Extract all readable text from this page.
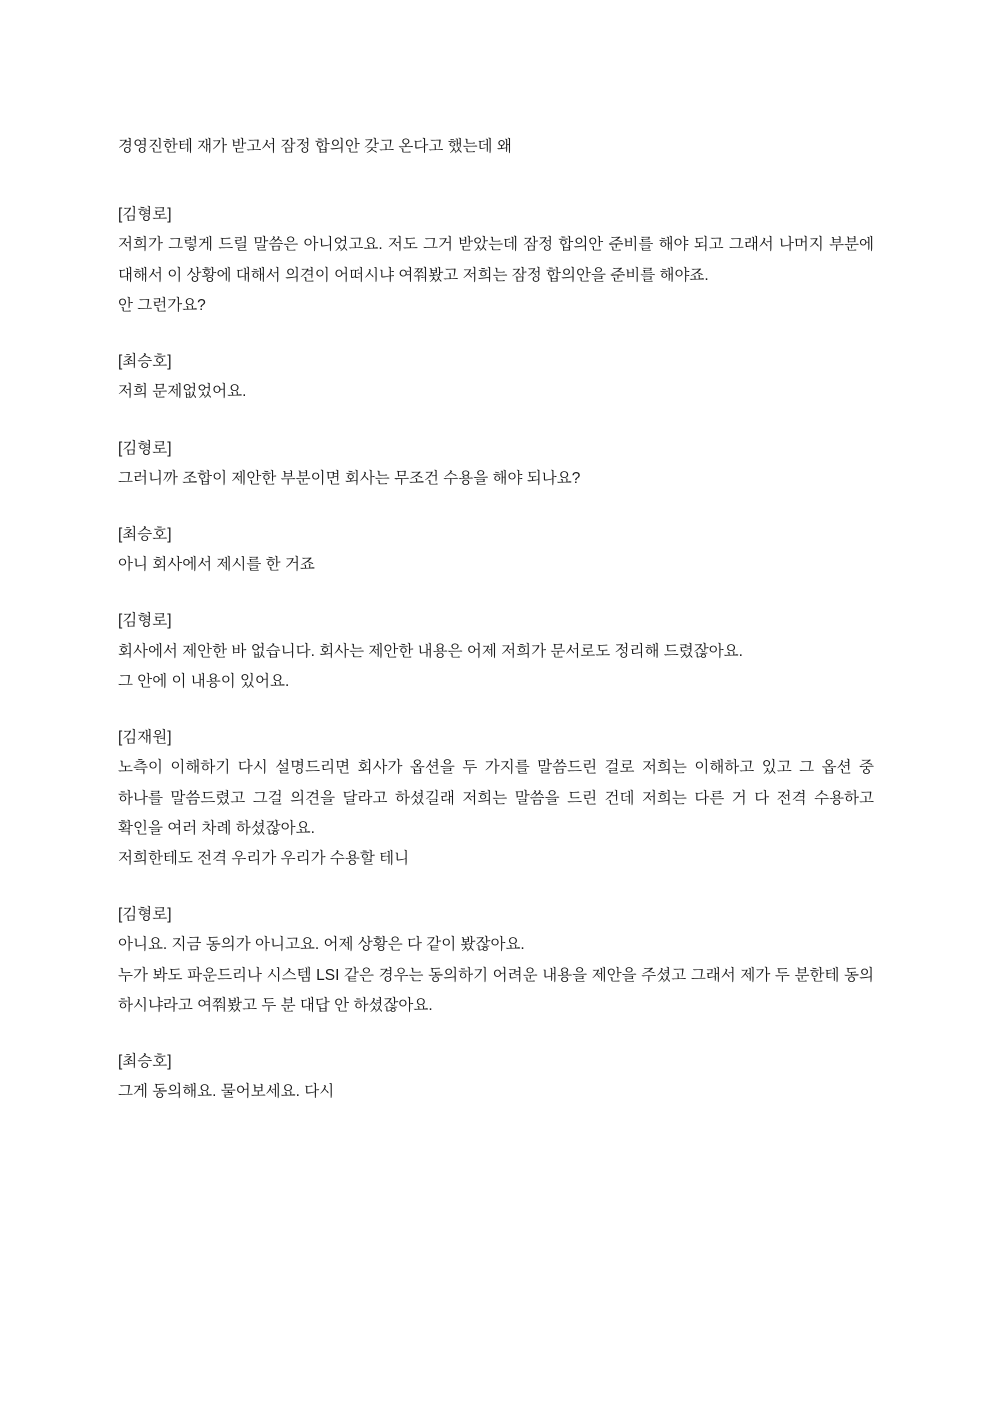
경영진한테 재가 받고서 잠정 합의안 갖고 온다고 했는데 왜

[김형로]

저희가 그렇게 드릴 말씀은 아니었고요. 저도 그거 받았는데 잠정 합의안 준비를 해야 되고 그래서 나머지 부분에 대해서 이 상황에 대해서 의견이 어떠시냐 여쭤봤고 저희는 잠정 합의안을 준비를 해야죠.

안 그런가요?

[최승호]

저희 문제없었어요.

[김형로]

그러니까 조합이 제안한 부분이면 회사는 무조건 수용을 해야 되나요?

[최승호]

아니 회사에서 제시를 한 거죠

[김형로]

회사에서 제안한 바 없습니다. 회사는 제안한 내용은 어제 저희가 문서로도 정리해 드렸잖아요.

그 안에 이 내용이 있어요.

[김재원]

노측이 이해하기 다시 설명드리면 회사가 옵션을 두 가지를 말씀드린 걸로 저희는 이해하고 있고 그 옵션 중 하나를 말씀드렸고 그걸 의견을 달라고 하셨길래 저희는 말씀을 드린 건데 저희는 다른 거 다 전격 수용하고 확인을 여러 차례 하셨잖아요.

저희한테도 전격 우리가 우리가 수용할 테니

[김형로]

아니요. 지금 동의가 아니고요. 어제 상황은 다 같이 봤잖아요.

누가 봐도 파운드리나 시스템 LSI 같은 경우는 동의하기 어려운 내용을 제안을 주셨고 그래서 제가 두 분한테 동의 하시냐라고 여쭤봤고 두 분 대답 안 하셨잖아요.

[최승호]

그게 동의해요. 물어보세요. 다시
